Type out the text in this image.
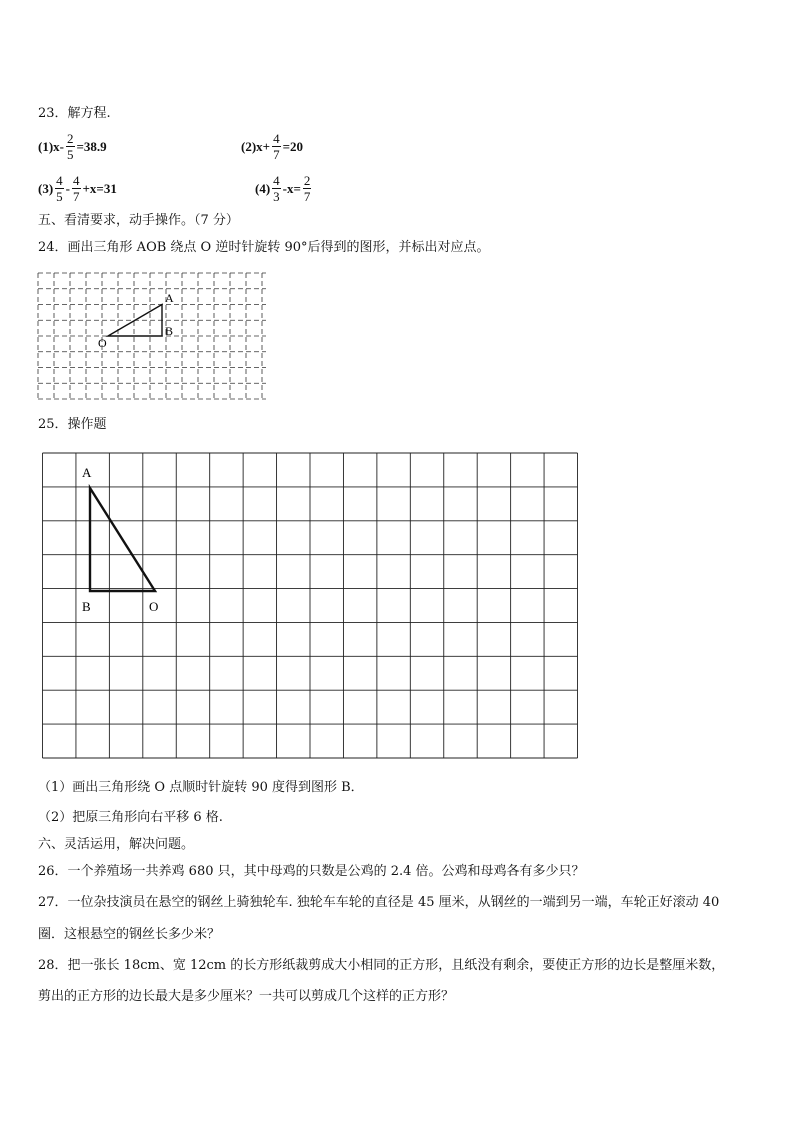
23．解方程.
$(1)x- \frac{2}{5} =38.9$	$(2)x+ \frac{4}{7} =20$
$(3) \frac{4}{5} - \frac{4}{7} +x=31$	$(4) \frac{4}{3} -x= \frac{2}{7}$
五、看清要求，动手操作。（7 分）
24．画出三角形 AOB 绕点 O 逆时针旋转 90°后得到的图形，并标出对应点。
A
B
O
25．操作题
A
B	O
（1）画出三角形绕 O 点顺时针旋转 90 度得到图形 B．
（2）把原三角形向右平移 6 格.
六、灵活运用，解决问题。
26．一个养殖场一共养鸡 680 只，其中母鸡的只数是公鸡的 2.4 倍。公鸡和母鸡各有多少只？
27．一位杂技演员在悬空的钢丝上骑独轮车. 独轮车车轮的直径是 45 厘米，从钢丝的一端到另一端，车轮正好滚动 40
圈．这根悬空的钢丝长多少米？
28．把一张长 18cm、宽 12cm 的长方形纸裁剪成大小相同的正方形，且纸没有剩余，要使正方形的边长是整厘米数，
剪出的正方形的边长最大是多少厘米？一共可以剪成几个这样的正方形？
